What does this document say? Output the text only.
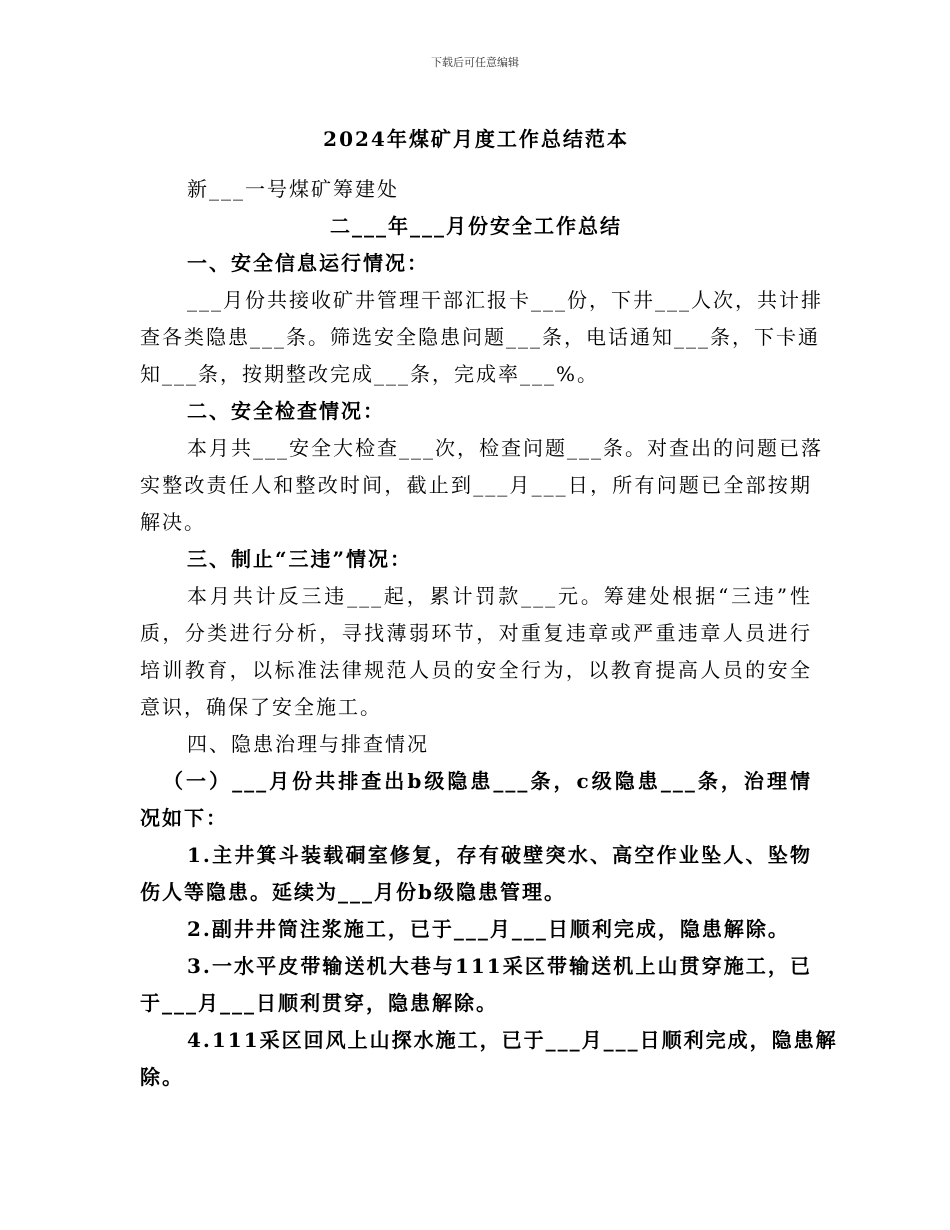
下载后可任意编辑
2024年煤矿月度工作总结范本
新___一号煤矿筹建处
二___年___月份安全工作总结
一、安全信息运行情况：
___月份共接收矿井管理干部汇报卡___份，下井___人次，共计排
查各类隐患___条。筛选安全隐患问题___条，电话通知___条，下卡通
知___条，按期整改完成___条，完成率___%。
二、安全检查情况：
本月共___安全大检查___次，检查问题___条。对查出的问题已落
实整改责任人和整改时间，截止到___月___日，所有问题已全部按期
解决。
三、制止“三违”情况：
本月共计反三违___起，累计罚款___元。筹建处根据“三违”性
质，分类进行分析，寻找薄弱环节，对重复违章或严重违章人员进行
培训教育，以标准法律规范人员的安全行为，以教育提高人员的安全
意识，确保了安全施工。
四、隐患治理与排查情况
（一）___月份共排查出b级隐患___条，c级隐患___条，治理情
况如下：
1.主井箕斗装载硐室修复，存有破壁突水、高空作业坠人、坠物
伤人等隐患。延续为___月份b级隐患管理。
2.副井井筒注浆施工，已于___月___日顺利完成，隐患解除。
3.一水平皮带输送机大巷与111采区带输送机上山贯穿施工，已
于___月___日顺利贯穿，隐患解除。
4.111采区回风上山探水施工，已于___月___日顺利完成，隐患解
除。
